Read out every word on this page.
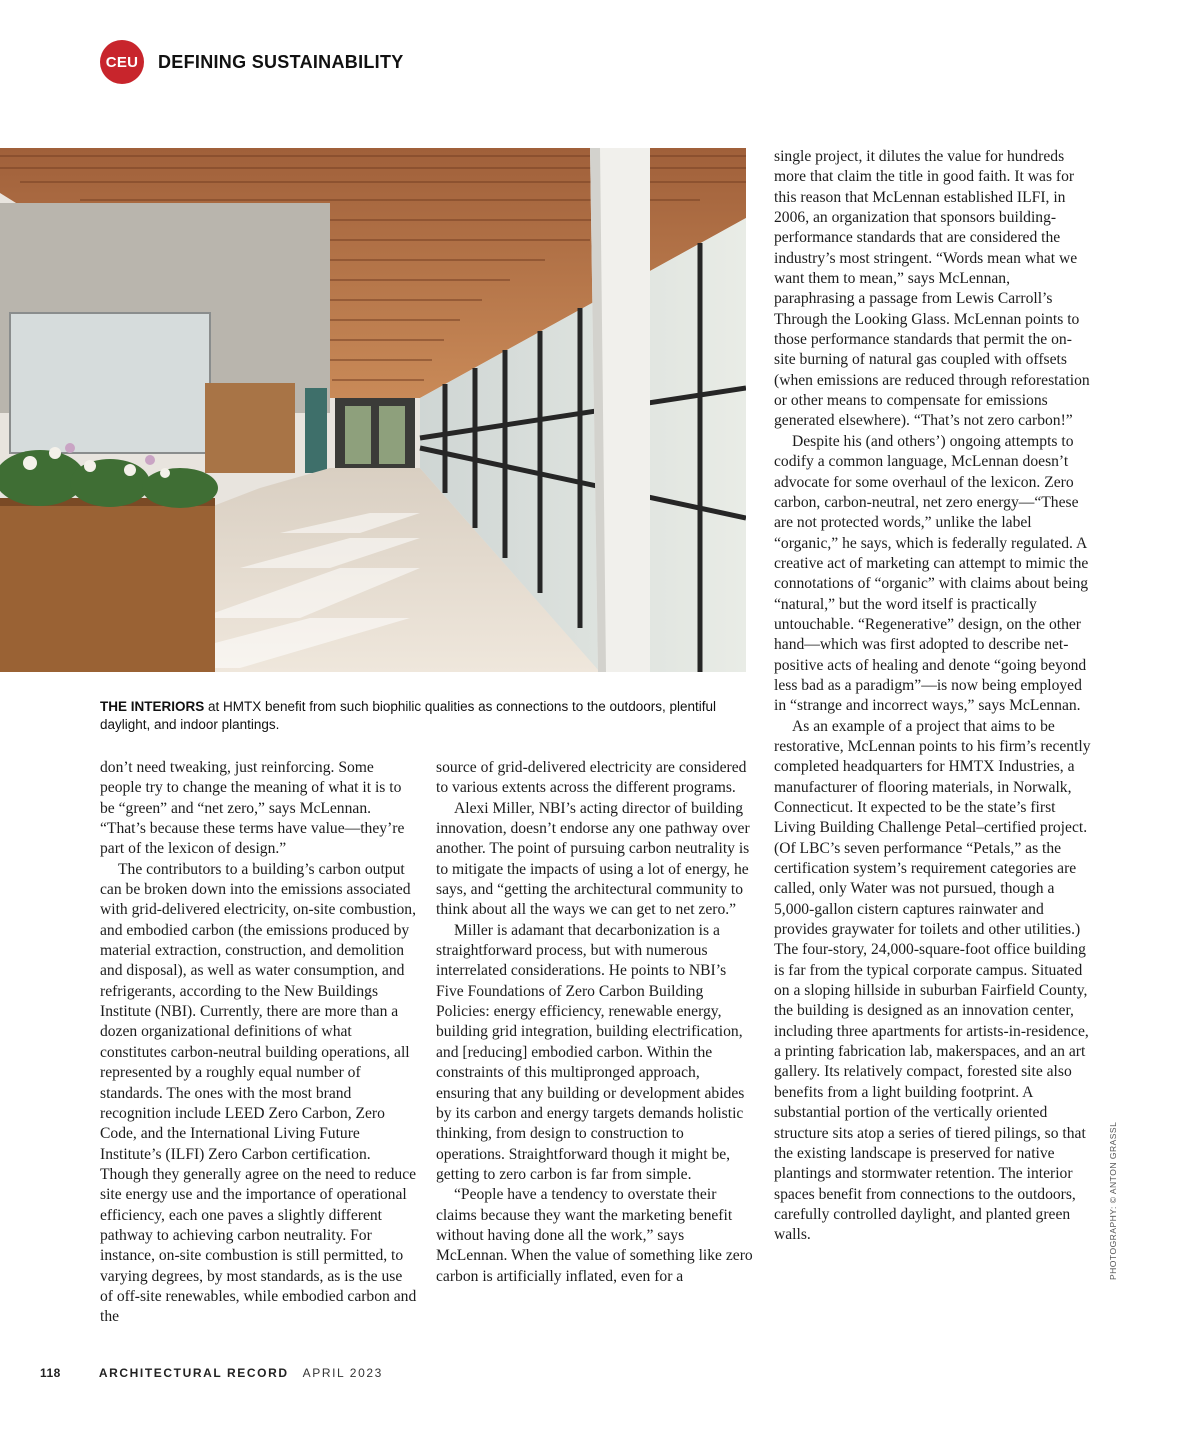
CEU	DEFINING SUSTAINABILITY
THE INTERIORS at HMTX benefit from such biophilic qualities as connections to the outdoors, plentiful daylight, and indoor plantings.

don’t need tweaking, just reinforcing. Some people try to change the meaning of what it is to be “green” and “net zero,” says McLennan. “That’s because these terms have value—they’re part of the lexicon of design.”

The contributors to a building’s carbon output can be broken down into the emissions associated with grid-delivered electricity, on-site combustion, and embodied carbon (the emissions produced by material extraction, construction, and demolition and disposal), as well as water consumption, and refrigerants, according to the New Buildings Institute (NBI). Currently, there are more than a dozen organizational definitions of what constitutes carbon-neutral building operations, all represented by a roughly equal number of standards. The ones with the most brand recognition include LEED Zero Carbon, Zero Code, and the International Living Future Institute’s (ILFI) Zero Carbon certification. Though they generally agree on the need to reduce site energy use and the importance of operational efficiency, each one paves a slightly different pathway to achieving carbon neutrality. For instance, on-site combustion is still permitted, to varying degrees, by most standards, as is the use of off-site renewables, while embodied carbon and the

source of grid-delivered electricity are considered to various extents across the different programs.

Alexi Miller, NBI’s acting director of building innovation, doesn’t endorse any one pathway over another. The point of pursuing carbon neutrality is to mitigate the impacts of using a lot of energy, he says, and “getting the architectural community to think about all the ways we can get to net zero.”

Miller is adamant that decarbonization is a straightforward process, but with numerous interrelated considerations. He points to NBI’s Five Foundations of Zero Carbon Building Policies: energy efficiency, renewable energy, building grid integration, building electrification, and [reducing] embodied carbon. Within the constraints of this multipronged approach, ensuring that any building or development abides by its carbon and energy targets demands holistic thinking, from design to construction to operations. Straightforward though it might be, getting to zero carbon is far from simple.

“People have a tendency to overstate their claims because they want the marketing benefit without having done all the work,” says McLennan. When the value of something like zero carbon is artificially inflated, even for a

single project, it dilutes the value for hundreds more that claim the title in good faith. It was for this reason that McLennan established ILFI, in 2006, an organization that sponsors building-performance standards that are considered the industry’s most stringent. “Words mean what we want them to mean,” says McLennan, paraphrasing a passage from Lewis Carroll’s Through the Looking Glass. McLennan points to those performance standards that permit the on-site burning of natural gas coupled with offsets (when emissions are reduced through reforestation or other means to compensate for emissions generated elsewhere). “That’s not zero carbon!”

Despite his (and others’) ongoing attempts to codify a common language, McLennan doesn’t advocate for some overhaul of the lexicon. Zero carbon, carbon-neutral, net zero energy—“These are not protected words,” unlike the label “organic,” he says, which is federally regulated. A creative act of marketing can attempt to mimic the connotations of “organic” with claims about being “natural,” but the word itself is practically untouchable. “Regenerative” design, on the other hand—which was first adopted to describe net-positive acts of healing and denote “going beyond less bad as a paradigm”—is now being employed in “strange and incorrect ways,” says McLennan.

As an example of a project that aims to be restorative, McLennan points to his firm’s recently completed headquarters for HMTX Industries, a manufacturer of flooring materials, in Norwalk, Connecticut. It expected to be the state’s first Living Building Challenge Petal–certified project. (Of LBC’s seven performance “Petals,” as the certification system’s requirement categories are called, only Water was not pursued, though a 5,000-gallon cistern captures rainwater and provides graywater for toilets and other utilities.) The four-story, 24,000-square-foot office building is far from the typical corporate campus. Situated on a sloping hillside in suburban Fairfield County, the building is designed as an innovation center, including three apartments for artists-in-residence, a printing fabrication lab, makerspaces, and an art gallery. Its relatively compact, forested site also benefits from a light building footprint. A substantial portion of the vertically oriented structure sits atop a series of tiered pilings, so that the existing landscape is preserved for native plantings and stormwater retention. The interior spaces benefit from connections to the outdoors, carefully controlled daylight, and planted green walls.	PHOTOGRAPHY: © ANTON GRASSL
118	ARCHITECTURAL RECORD APRIL 2023
